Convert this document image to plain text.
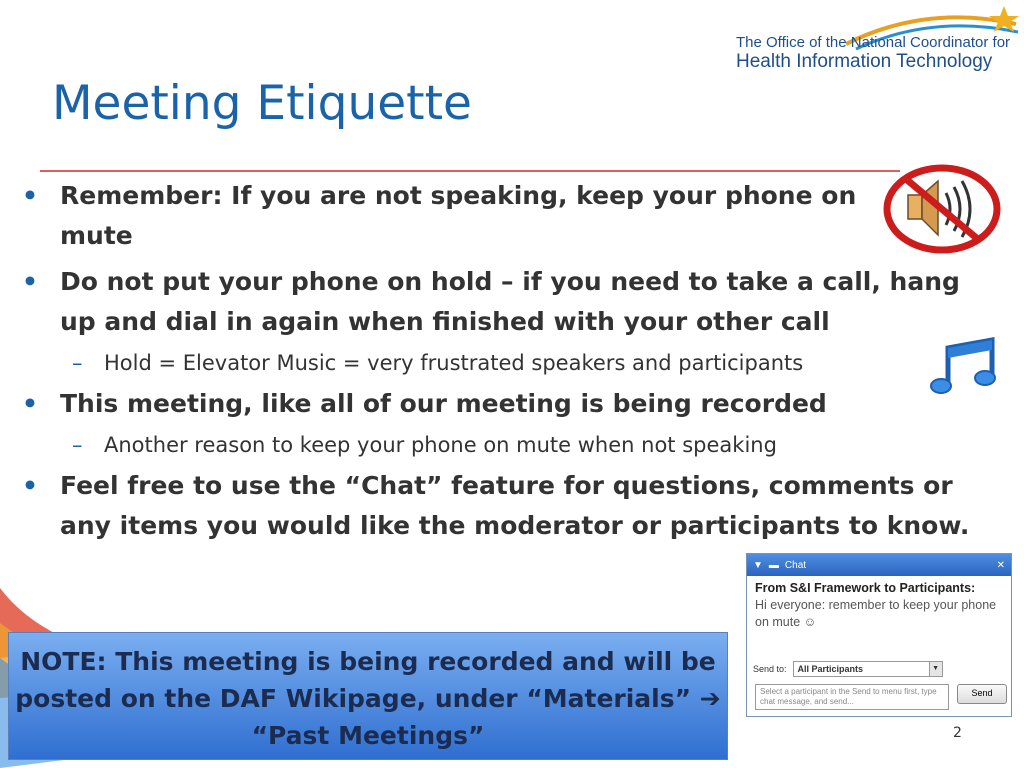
The Office of the National Coordinator for
Health Information Technology
Meeting Etiquette
• Remember: If you are not speaking, keep your phone on mute
• Do not put your phone on hold – if you need to take a call, hang up and dial in again when finished with your other call
– Hold = Elevator Music = very frustrated speakers and participants
• This meeting, like all of our meeting is being recorded
– Another reason to keep your phone on mute when not speaking
• Feel free to use the “Chat” feature for questions, comments or any items you would like the moderator or participants to know.
NOTE: This meeting is being recorded and will be posted on the DAF Wikipage, under “Materials” ➔ “Past Meetings”
▼ ▬ Chat	✕
From S&I Framework to Participants:
Hi everyone: remember to keep your phone on mute ☺
Send to: All Participants	▼
Select a participant in the Send to menu first, type chat message, and send...
Send
2
